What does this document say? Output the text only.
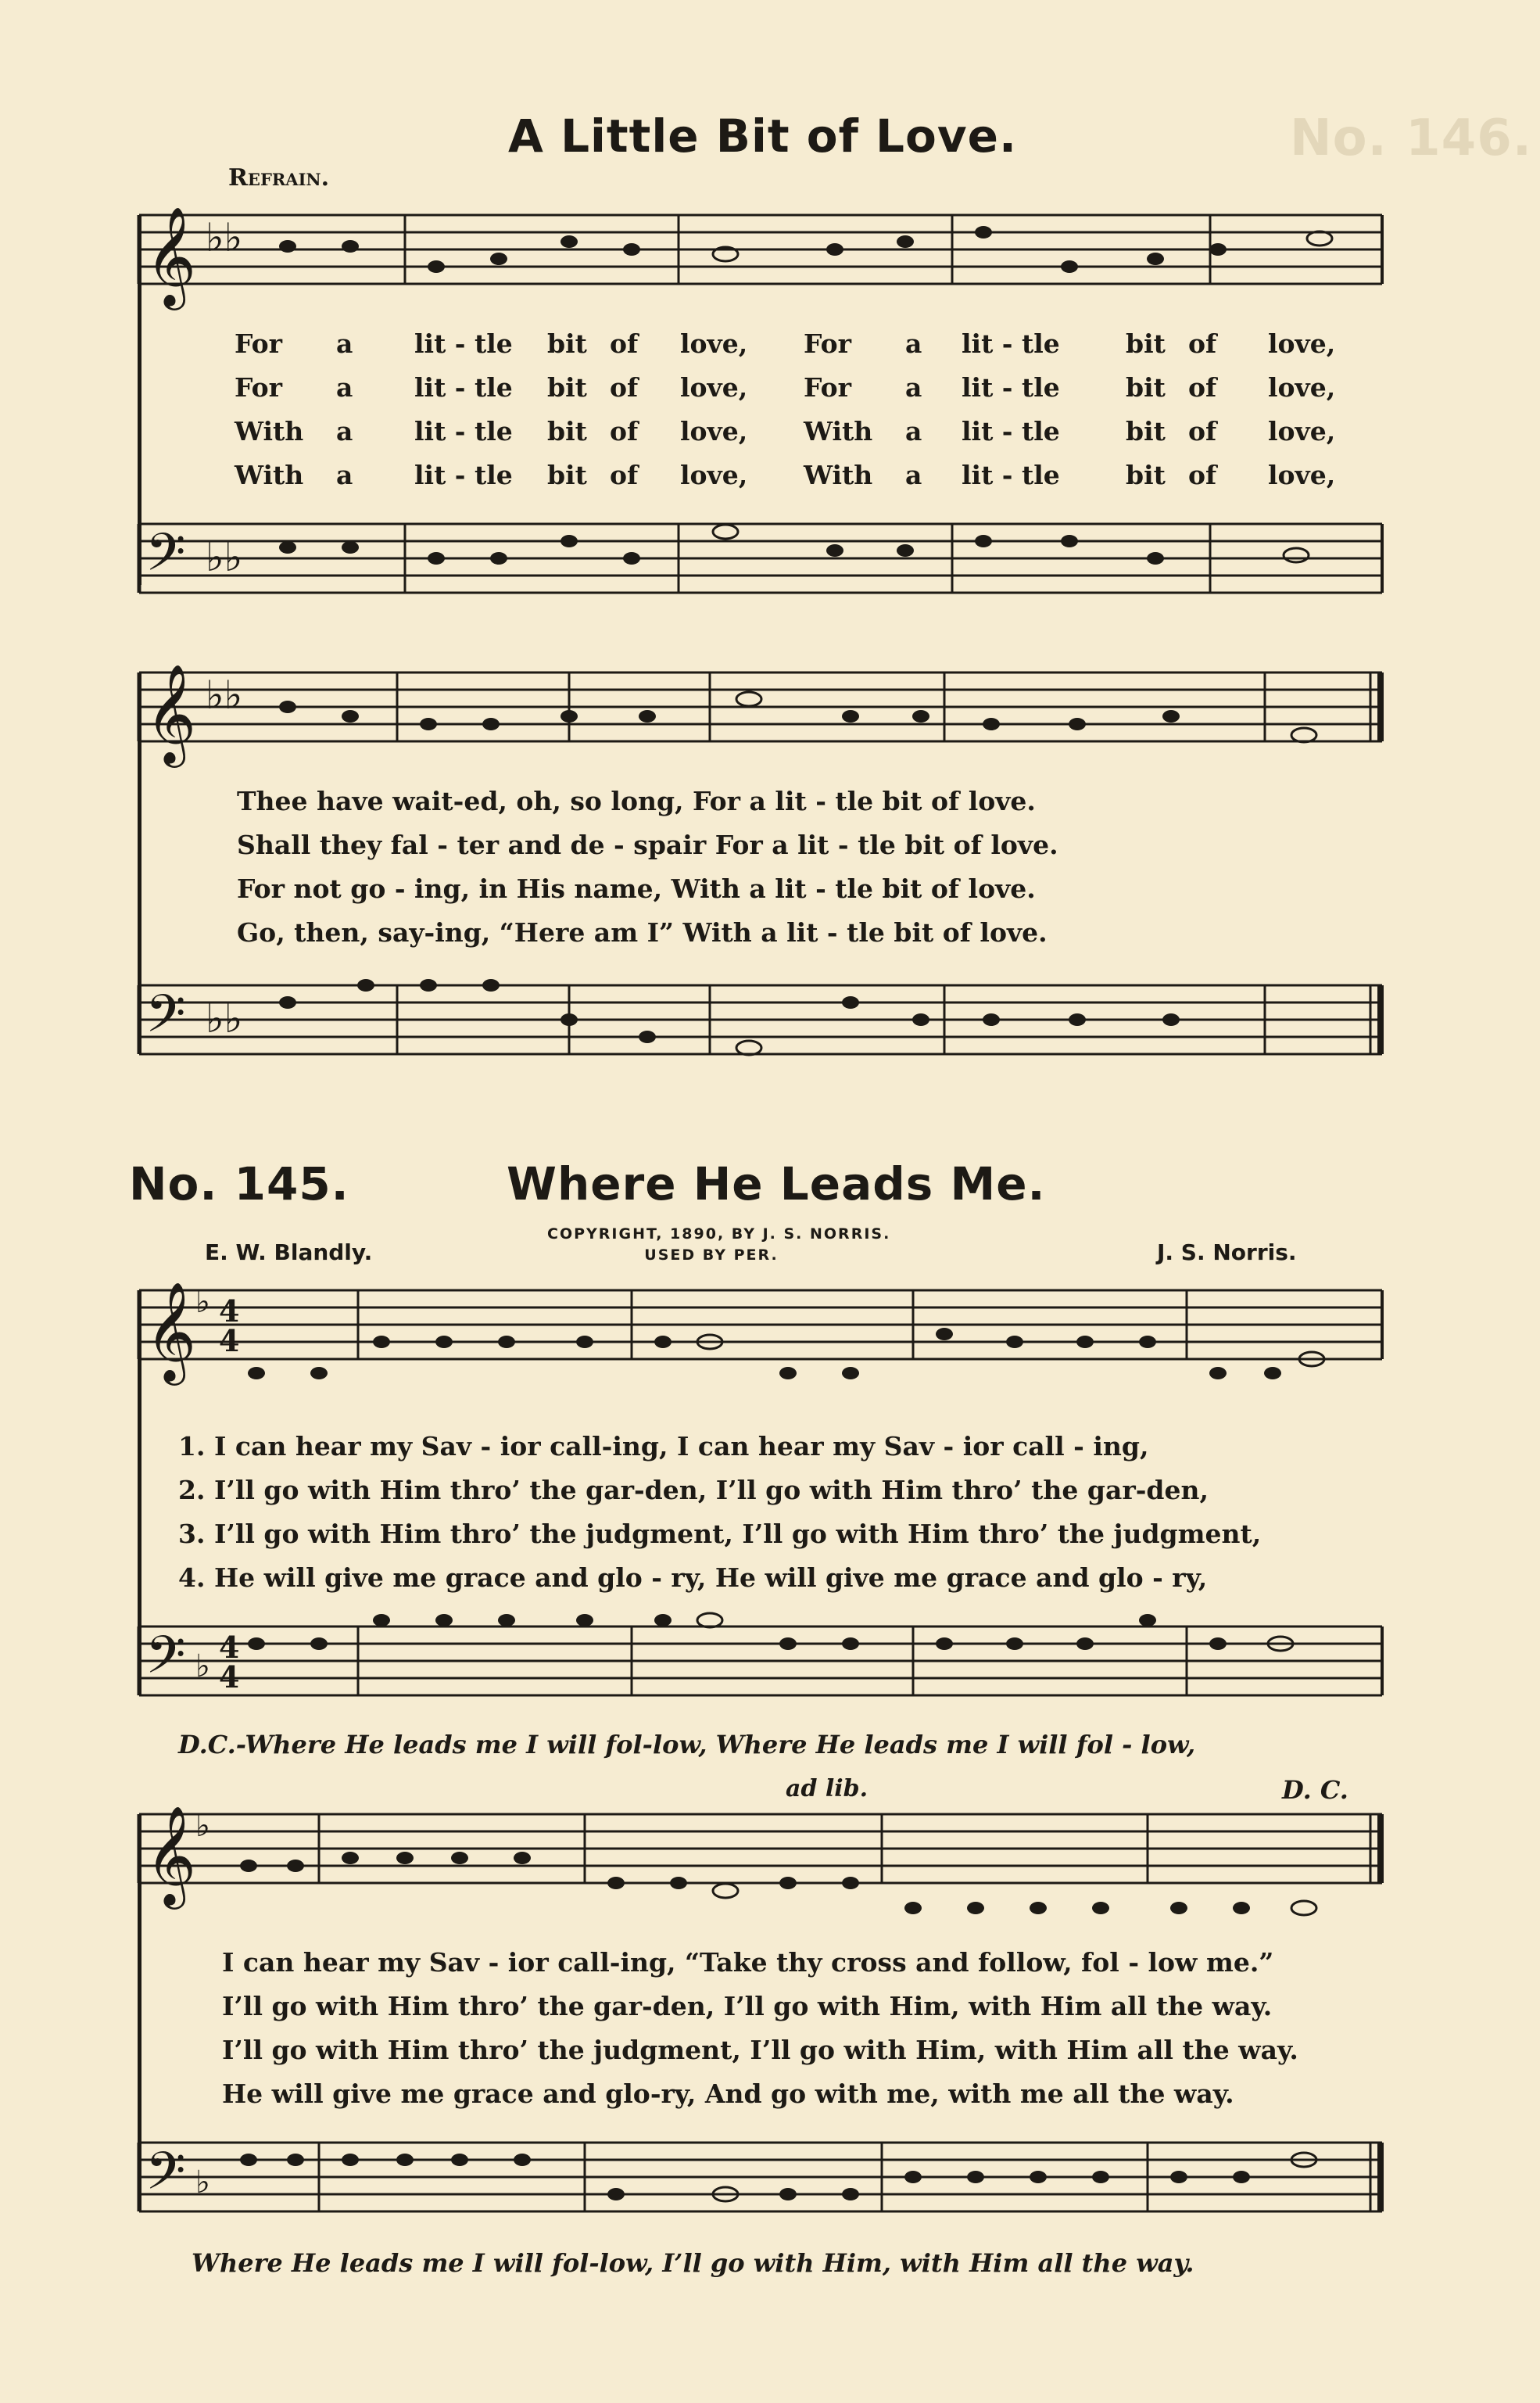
No. 146.
A Little Bit of Love.
Refrain.
𝄞 ♭♭
For a lit - tle bit of love, For a lit - tle	bit of love,
For a lit - tle bit of love, For a lit - tle	bit of love,
With a lit - tle bit of love, With a lit - tle	bit of love,
With a lit - tle bit of love, With a lit - tle	bit of love,
𝄢 ♭♭
𝄞 ♭♭
Thee have wait-ed, oh, so long, For a lit - tle bit of love.
Shall they fal - ter and de - spair For a lit - tle bit of love.
For not go - ing, in His name, With a lit - tle bit of love.
Go, then, say-ing, “Here am I” With a lit - tle bit of love.
𝄢 ♭♭
No. 145.	Where He Leads Me.
E. W. Blandly.
COPYRIGHT, 1890, BY J. S. NORRIS.
USED BY PER.	J. S. Norris.
𝄞
♭ 4
4
1. I can hear my Sav - ior call-ing, I can hear my Sav - ior call - ing,
2. I’ll go with Him thro’ the gar-den, I’ll go with Him thro’ the gar-den,
3. I’ll go with Him thro’ the judgment, I’ll go with Him thro’ the judgment,
4. He will give me grace and glo - ry, He will give me grace and glo - ry,
𝄢 ♭
4
4
D.C.-Where He leads me I will fol-low, Where He leads me I will fol - low,
ad lib.	D. C.
𝄞
♭
I can hear my Sav - ior call-ing, “Take thy cross and follow, fol - low me.”
I’ll go with Him thro’ the gar-den, I’ll go with Him, with Him all the way.
I’ll go with Him thro’ the judgment, I’ll go with Him, with Him all the way.
He will give me grace and glo-ry, And go with me, with me all the way.
𝄢 ♭
Where He leads me I will fol-low, I’ll go with Him, with Him all the way.
